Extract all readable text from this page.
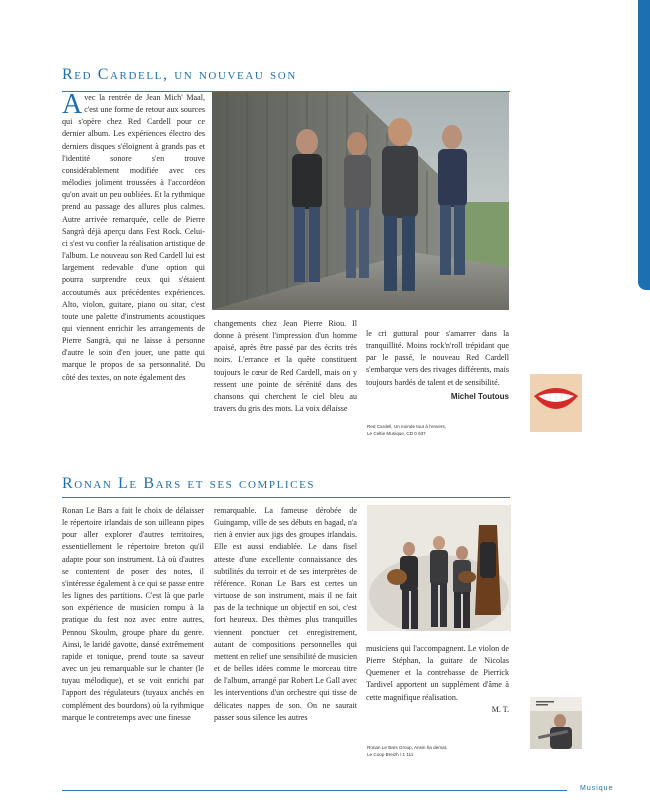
Red Cardell, un nouveau son
A vec la rentrée de Jean Mich' Maal, c'est une forme de retour aux sources qui s'opère chez Red Cardell pour ce dernier album. Les expériences électro des derniers disques s'éloignent à grands pas et l'identité sonore s'en trouve considérablement modifiée avec ces mélodies joliment troussées à l'accordéon qu'on avait un peu oubliées. Et la rythmique prend au passage des allures plus calmes. Autre arrivée remarquée, celle de Pierre Sangrà déjà aperçu dans Fest Rock. Celui-ci s'est vu confier la réalisation artistique de l'album. Le nouveau son Red Cardell lui est largement redevable d'une option qui pourra surprendre ceux qui s'étaient accoutumés aux précédentes expériences. Alto, violon, guitare, piano ou sitar, c'est toute une palette d'instruments acoustiques qui viennent enrichir les arrangements de Pierre Sangrà, qui ne laisse à personne d'autre le soin d'en jouer, une patte qui marque le propos de sa personnalité. Du côté des textes, on note également des

changements chez Jean Pierre Riou. Il donne à présent l'impression d'un homme apaisé, après être passé par des écrits très noirs. L'errance et la quête constituent toujours le cœur de Red Cardell, mais on y ressent une pointe de sérénité dans des chansons qui cherchent le ciel bleu au travers du gris des mots. La voix délaisse

le cri guttural pour s'amarrer dans la tranquillité. Moins rock'n'roll trépidant que par le passé, le nouveau Red Cardell s'embarque vers des rivages différents, mais toujours bardés de talent et de sensibilité.

Michel Toutous
Red Cardell, Un monde tout à l'envers,
Le Celtie Musique, CD 0 637
Ronan Le Bars et ses complices

Ronan Le Bars a fait le choix de délaisser le répertoire irlandais de son uilleann pipes pour aller explorer d'autres territoires, essentiellement le répertoire breton qu'il adapte pour son instrument. Là où d'autres se contentent de poser des notes, il s'intéresse également à ce qui se passe entre les lignes des partitions. C'est là que parle son expérience de musicien rompu à la pratique du fest noz avec entre autres, Pennou Skoulm, groupe phare du genre. Ainsi, le laridé gavotte, dansé extrêmement rapide et tonique, prend toute sa saveur avec un jeu remarquable sur le chanter (le tuyau mélodique), et se voit enrichi par l'apport des régulateurs (tuyaux anchés en complément des bourdons) où la rythmique marque le contretemps avec une finesse

remarquable. La fameuse dérobée de Guingamp, ville de ses débuts en bagad, n'a rien à envier aux jigs des groupes irlandais. Elle est aussi endiablée. Le dans fisel atteste d'une excellente connaissance des subtilités du terroir et de ses interprètes de référence. Ronan Le Bars est certes un virtuose de son instrument, mais il ne fait pas de la technique un objectif en soi, c'est fort heureux. Des thèmes plus tranquilles viennent ponctuer cet enregistrement, autant de compositions personnelles qui mettent en relief une sensibilité de musicien et de belles idées comme le morceau titre de l'album, arrangé par Robert Le Gall avec les interventions d'un orchestre qui tisse de délicates nappes de son. On ne saurait passer sous silence les autres

musiciens qui l'accompagnent. Le violon de Pierre Stéphan, la guitare de Nicolas Quemener et la contrebasse de Pierrick Tardivel apportent un supplément d'âme à cette magnifique réalisation.

M. T.
Ronan Le Bars Group, Ansin ha demat,
Le Coop Breizh / 1 111
Musique
